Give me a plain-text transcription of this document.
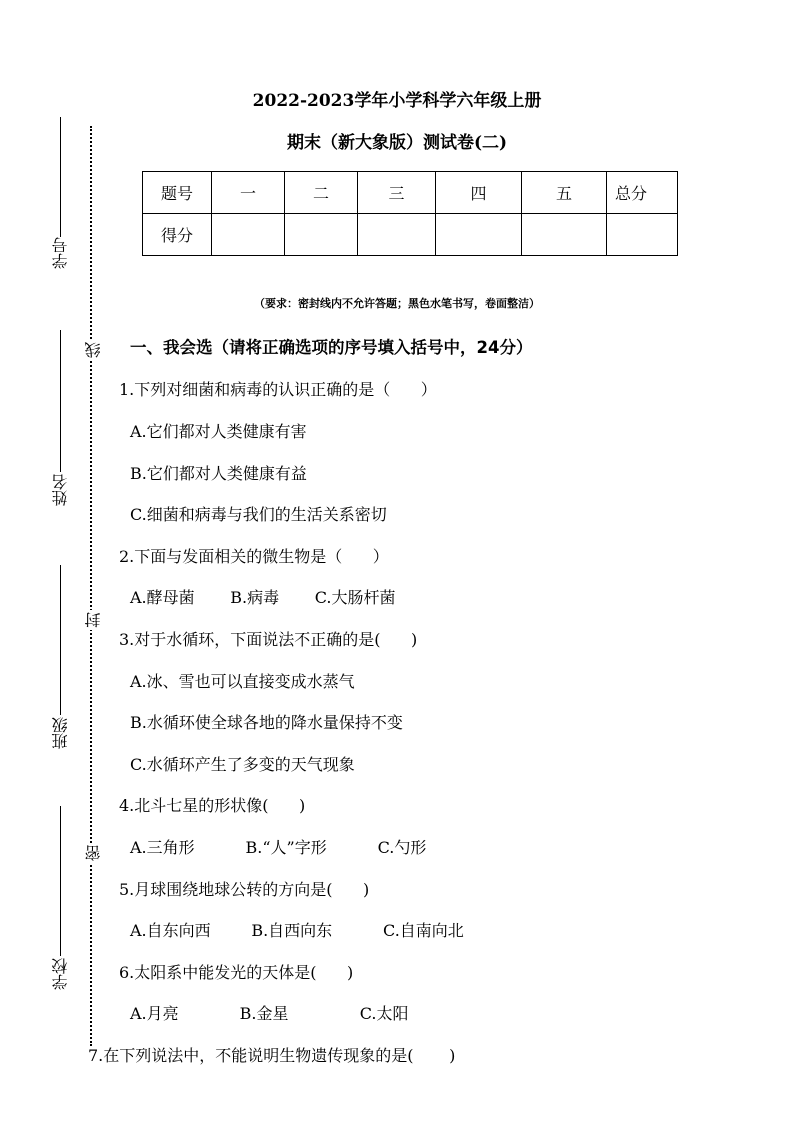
2022-2023学年小学科学六年级上册
期末（新大象版）测试卷(二)
题号	一	二	三	四	五	总分
得分						
（要求：密封线内不允许答题；黑色水笔书写，卷面整洁）
学号
姓名
班级
学校
线
封
密
一、我会选（请将正确选项的序号填入括号中，24分）
1.下列对细菌和病毒的认识正确的是（      ）
A.它们都对人类健康有害
B.它们都对人类健康有益
C.细菌和病毒与我们的生活关系密切
2.下面与发面相关的微生物是（      ）
A.酵母菌       B.病毒       C.大肠杆菌
3.对于水循环，下面说法不正确的是(      )
A.冰、雪也可以直接变成水蒸气
B.水循环使全球各地的降水量保持不变
C.水循环产生了多变的天气现象
4.北斗七星的形状像(      )
A.三角形          B.“人”字形          C.勺形
5.月球围绕地球公转的方向是(      )
A.自东向西        B.自西向东          C.自南向北
6.太阳系中能发光的天体是(      )
A.月亮            B.金星              C.太阳
7.在下列说法中，不能说明生物遗传现象的是(       )
